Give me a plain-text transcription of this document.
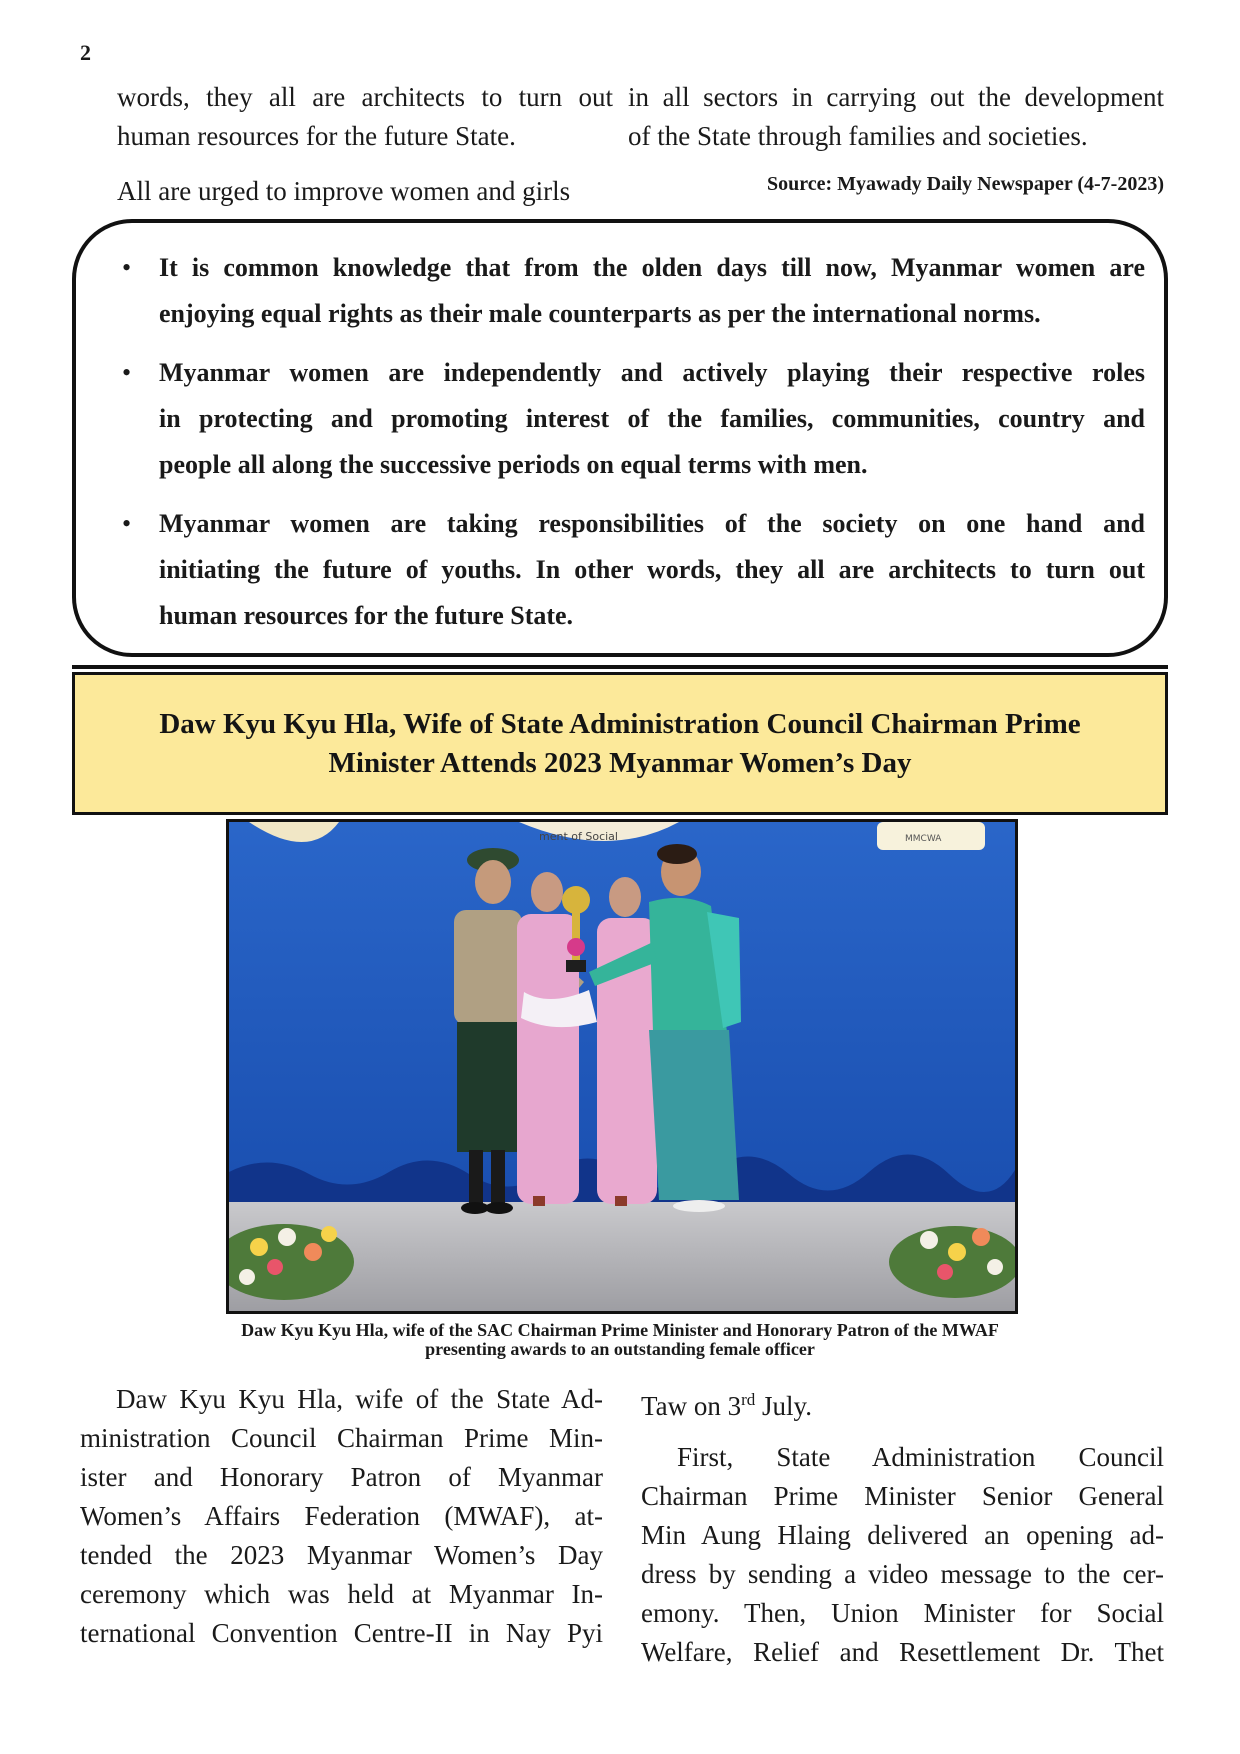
2
words, they all are architects to turn out
human resources for the future State.
All are urged to improve women and girls
in all sectors in carrying out the development
of the State through families and societies.
Source: Myawady Daily Newspaper (4-7-2023)
• It is common knowledge that from the olden days till now, Myanmar women are
enjoying equal rights as their male counterparts as per the international norms.
• Myanmar women are independently and actively playing their respective roles
in protecting and promoting interest of the families, communities, country and
people all along the successive periods on equal terms with men.
• Myanmar women are taking responsibilities of the society on one hand and
initiating the future of youths. In other words, they all are architects to turn out
human resources for the future State.
Daw Kyu Kyu Hla, Wife of State Administration Council Chairman Prime
Minister Attends 2023 Myanmar Women’s Day
ment of Social	MMCWA
Daw Kyu Kyu Hla, wife of the SAC Chairman Prime Minister and Honorary Patron of the MWAF
presenting awards to an outstanding female officer
Daw Kyu Kyu Hla, wife of the State Ad-
ministration Council Chairman Prime Min-
ister and Honorary Patron of Myanmar
Women’s Affairs Federation (MWAF), at-
tended the 2023 Myanmar Women’s Day
ceremony which was held at Myanmar In-
ternational Convention Centre-II in Nay Pyi
Taw on 3rd July.
First, State Administration Council
Chairman Prime Minister Senior General
Min Aung Hlaing delivered an opening ad-
dress by sending a video message to the cer-
emony. Then, Union Minister for Social
Welfare, Relief and Resettlement Dr. Thet
